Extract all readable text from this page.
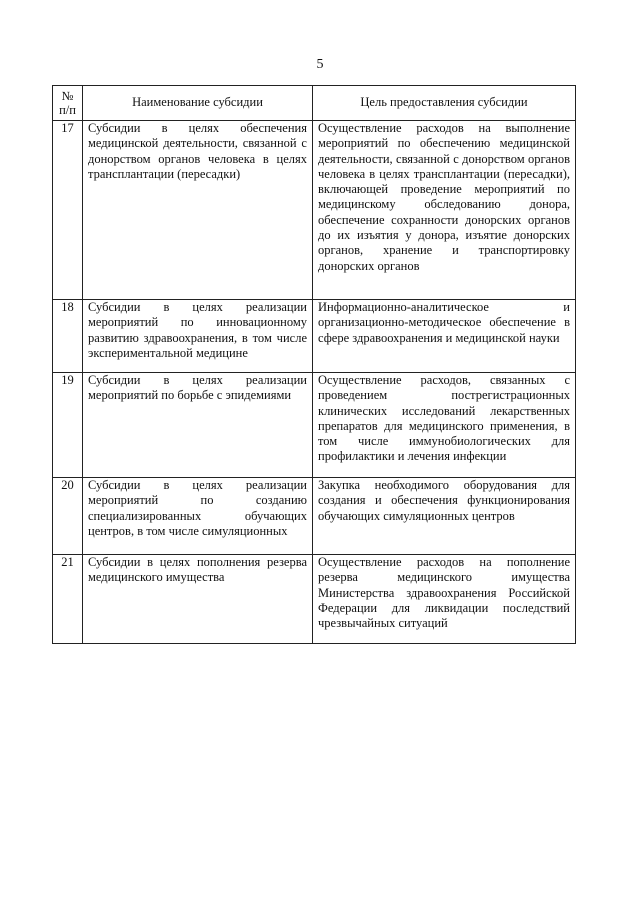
5
№
п/п	Наименование субсидии	Цель предоставления субсидии
17	Субсидии в целях обеспечения медицинской деятельности, связанной с донорством органов человека в целях трансплантации (пересадки)	Осуществление расходов на выполнение мероприятий по обеспечению медицинской деятельности, связанной с донорством органов человека в целях трансплантации (пересадки), включающей проведение мероприятий по медицинскому обследованию донора, обеспечение сохранности донорских органов до их изъятия у донора, изъятие донорских органов, хранение и транспортировку донорских органов
18	Субсидии в целях реализации мероприятий по инновационному развитию здравоохранения, в том числе экспериментальной медицине	Информационно-аналитическое и организационно-методическое обеспечение в сфере здравоохранения и медицинской науки
19	Субсидии в целях реализации мероприятий по борьбе с эпидемиями	Осуществление расходов, связанных с проведением пострегистрационных клинических исследований лекарственных препаратов для медицинского применения, в том числе иммунобиологических для профилактики и лечения инфекции
20	Субсидии в целях реализации мероприятий по созданию специализированных обучающих центров, в том числе симуляционных	Закупка необходимого оборудования для создания и обеспечения функционирования обучающих симуляционных центров
21	Субсидии в целях пополнения резерва медицинского имущества	Осуществление расходов на пополнение резерва медицинского имущества Министерства здравоохранения Российской Федерации для ликвидации последствий чрезвычайных ситуаций
